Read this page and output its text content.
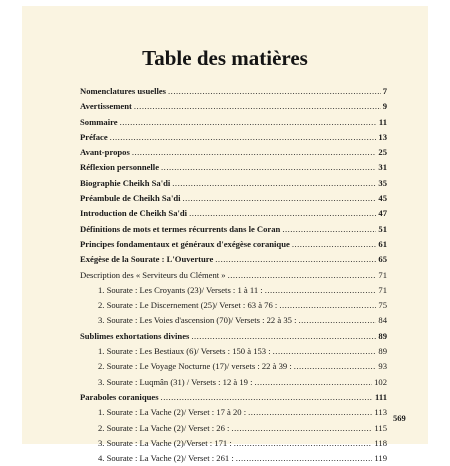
Table des matières
Nomenclatures usuelles .....	7
Avertissement .....	9
Sommaire .....	11
Préface .....	13
Avant-propos .....	25
Réflexion personnelle .....	31
Biographie Cheikh Sa'di .....	35
Préambule de Cheikh Sa'di .....	45
Introduction de Cheikh Sa'di .....	47
Définitions de mots et termes récurrents dans le Coran .....	51
Principes fondamentaux et généraux d'exégèse coranique .....	61
Exégèse de la Sourate : L'Ouverture .....	65
Description des « Serviteurs du Clément » .....	71
1. Sourate : Les Croyants (23)/ Versets : 1 à 11 : .....	71
2. Sourate : Le Discernement (25)/ Verset : 63 à 76 : .....	75
3. Sourate : Les Voies d'ascension (70)/ Versets : 22 à 35 : .....	84
Sublimes exhortations divines .....	89
1. Sourate : Les Bestiaux (6)/ Versets : 150 à 153 : .....	89
2. Sourate : Le Voyage Nocturne (17)/ versets : 22 à 39 : .....	93
3. Sourate : Luqmân (31) / Versets : 12 à 19 : .....	102
Paraboles coraniques .....	111
1. Sourate : La Vache (2)/ Verset : 17 à 20 : .....	113
2. Sourate : La Vache (2)/ Verset : 26 : .....	115
3. Sourate : La Vache (2)/Verset : 171 : .....	118
4. Sourate : La Vache (2)/ Verset : 261 : .....	119
569
